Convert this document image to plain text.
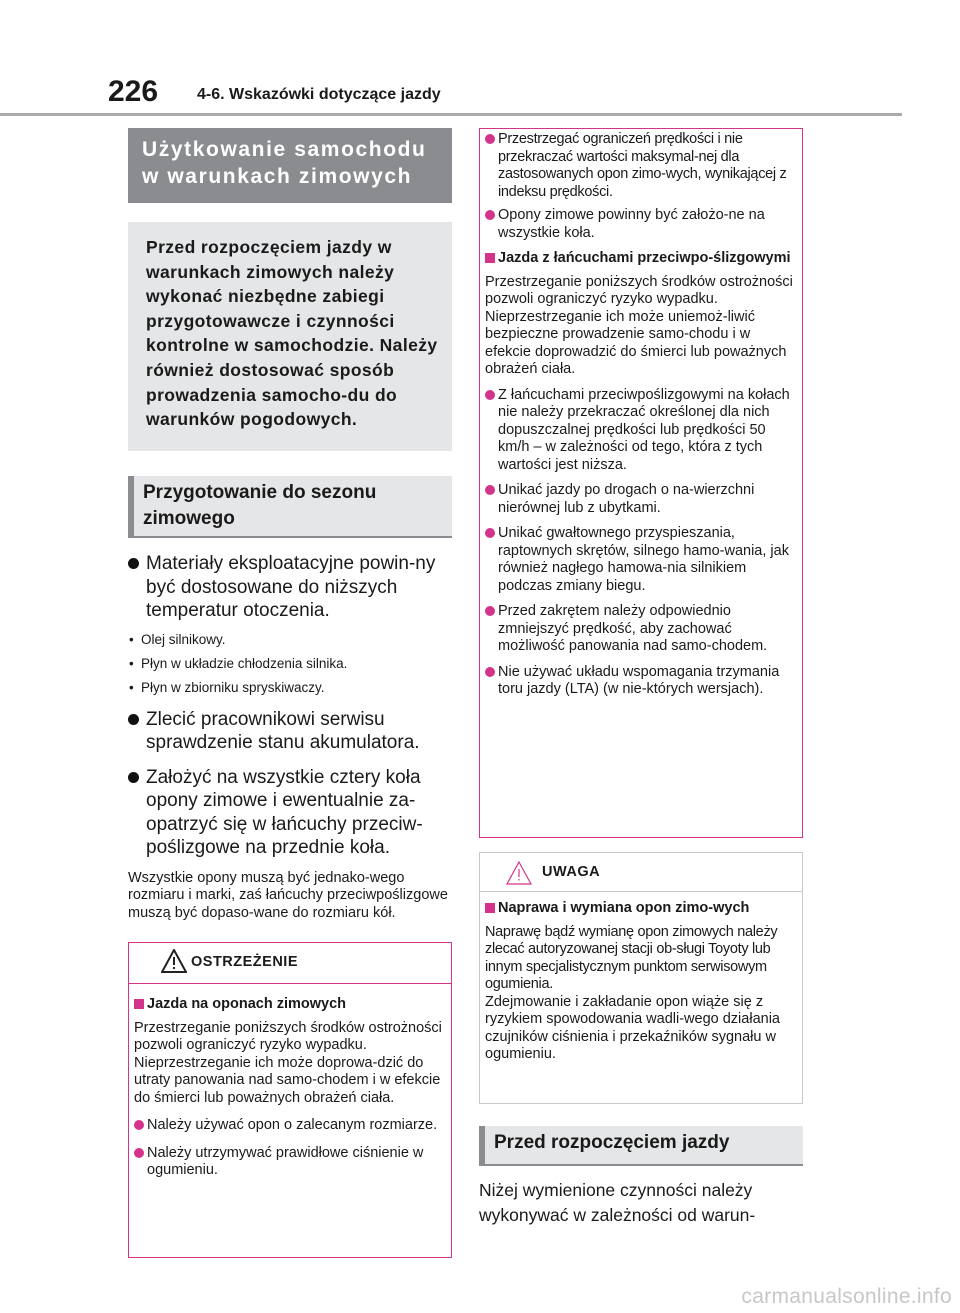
226 4-6. Wskazówki dotyczące jazdy
Użytkowanie samochodu w warunkach zimowych
Przed rozpoczęciem jazdy w warunkach zimowych należy wykonać niezbędne zabiegi przygotowawcze i czynności kontrolne w samochodzie. Należy również dostosować sposób prowadzenia samocho-du do warunków pogodowych.
Przygotowanie do sezonu zimowego
Materiały eksploatacyjne powin-ny być dostosowane do niższych temperatur otoczenia.
• Olej silnikowy.
• Płyn w układzie chłodzenia silnika.
• Płyn w zbiorniku spryskiwaczy.
Zlecić pracownikowi serwisu sprawdzenie stanu akumulatora.
Założyć na wszystkie cztery koła opony zimowe i ewentualnie za-opatrzyć się w łańcuchy przeciw-poślizgowe na przednie koła.
Wszystkie opony muszą być jednako-wego rozmiaru i marki, zaś łańcuchy przeciwpoślizgowe muszą być dopaso-wane do rozmiaru kół.
OSTRZEŻENIE
Jazda na oponach zimowych
Przestrzeganie poniższych środków ostrożności pozwoli ograniczyć ryzyko wypadku.
Nieprzestrzeganie ich może doprowa-dzić do utraty panowania nad samo-chodem i w efekcie do śmierci lub poważnych obrażeń ciała.
Należy używać opon o zalecanym rozmiarze.
Należy utrzymywać prawidłowe ciśnienie w ogumieniu.
Przestrzegać ograniczeń prędkości i nie przekraczać wartości maksymal-nej dla zastosowanych opon zimo-wych, wynikającej z indeksu prędkości.
Opony zimowe powinny być założo-ne na wszystkie koła.
Jazda z łańcuchami przeciwpo-ślizgowymi
Przestrzeganie poniższych środków ostrożności pozwoli ograniczyć ryzyko wypadku.
Nieprzestrzeganie ich może uniemoż-liwić bezpieczne prowadzenie samo-chodu i w efekcie doprowadzić do śmierci lub poważnych obrażeń ciała.
Z łańcuchami przeciwpoślizgowymi na kołach nie należy przekraczać określonej dla nich dopuszczalnej prędkości lub prędkości 50 km/h – w zależności od tego, która z tych wartości jest niższa.
Unikać jazdy po drogach o na-wierzchni nierównej lub z ubytkami.
Unikać gwałtownego przyspieszania, raptownych skrętów, silnego hamo-wania, jak również nagłego hamowa-nia silnikiem podczas zmiany biegu.
Przed zakrętem należy odpowiednio zmniejszyć prędkość, aby zachować możliwość panowania nad samo-chodem.
Nie używać układu wspomagania trzymania toru jazdy (LTA) (w nie-których wersjach).
UWAGA
Naprawa i wymiana opon zimo-wych
Naprawę bądź wymianę opon zimowych należy zlecać autoryzowanej stacji ob-sługi Toyoty lub innym specjalistycznym punktom serwisowym ogumienia.
Zdejmowanie i zakładanie opon wiąże się z ryzykiem spowodowania wadli-wego działania czujników ciśnienia i przekaźników sygnału w ogumieniu.
Przed rozpoczęciem jazdy
Niżej wymienione czynności należy wykonywać w zależności od warun-
carmanualsonline.info
